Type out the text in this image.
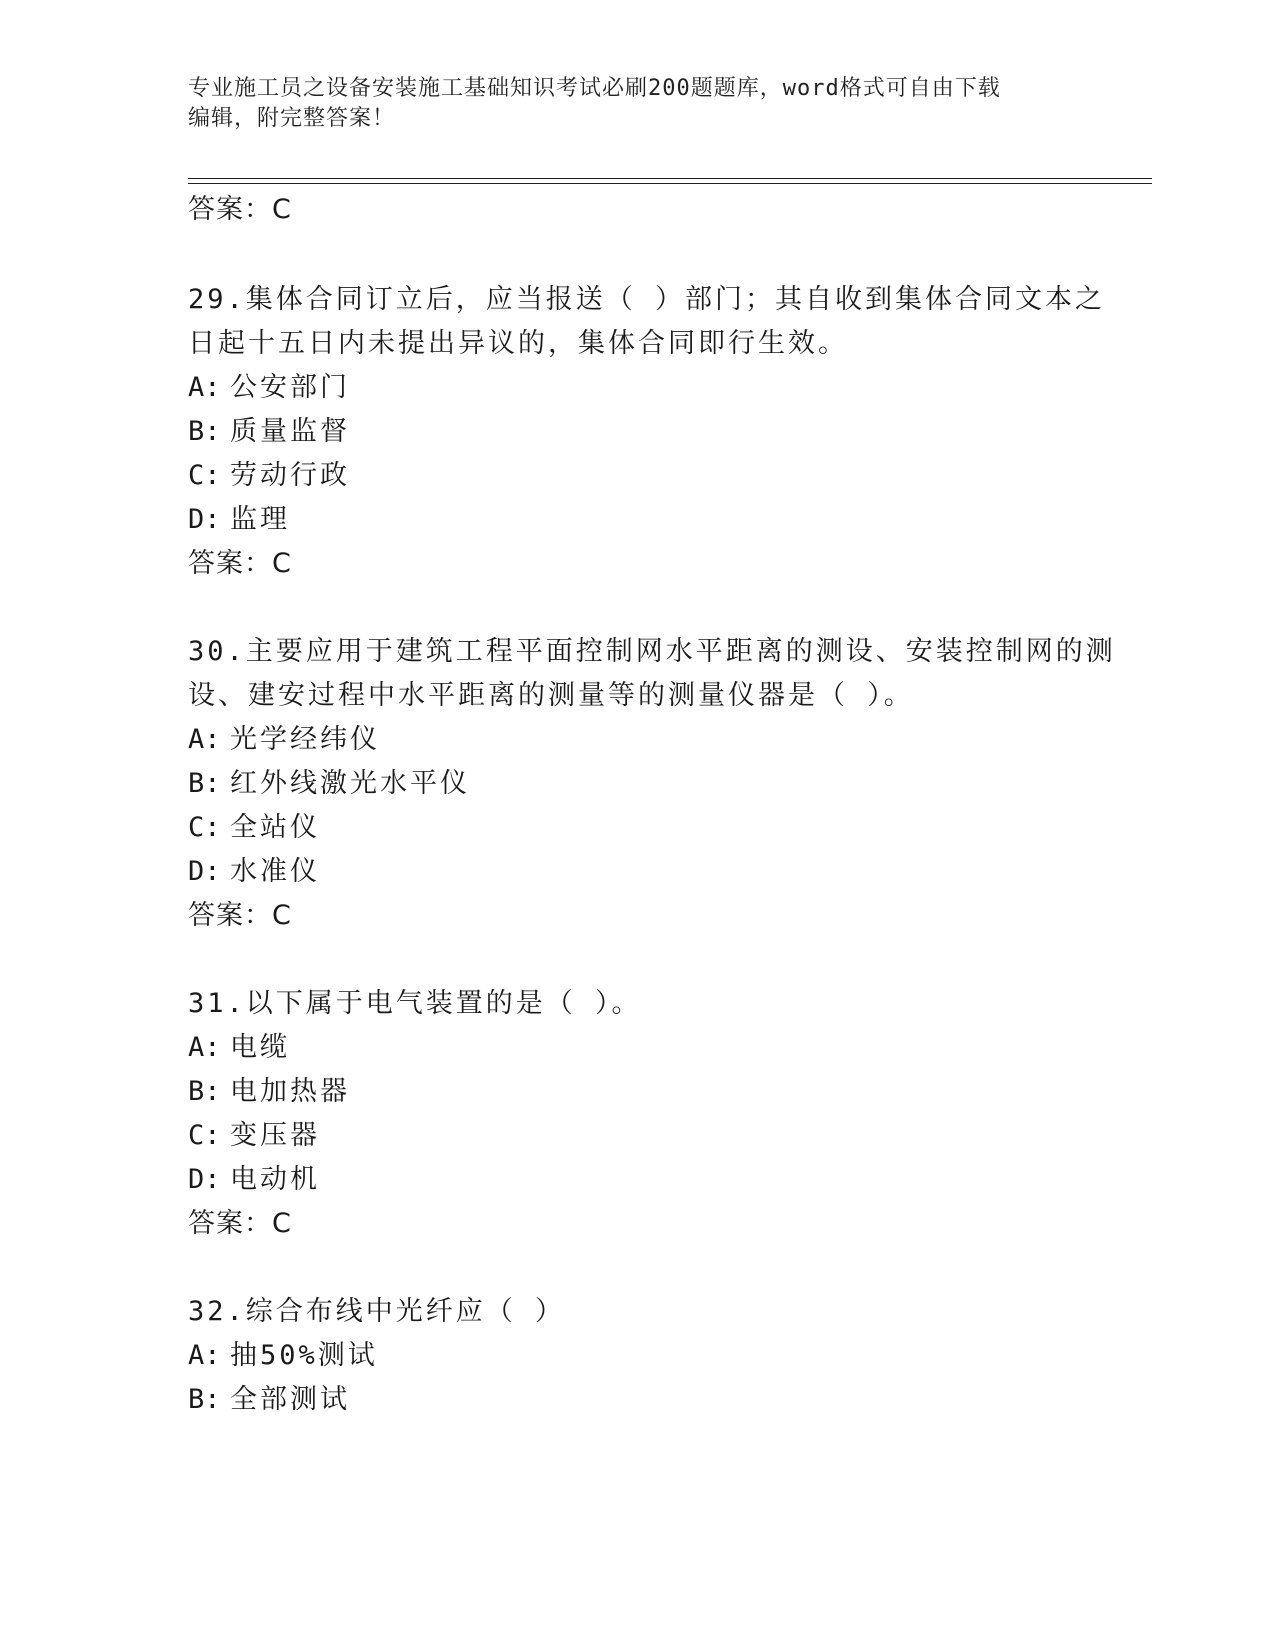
专业施工员之设备安装施工基础知识考试必刷200题题库，word格式可自由下载
编辑，附完整答案！
答案：C
29.集体合同订立后，应当报送（ ）部门；其自收到集体合同文本之
日起十五日内未提出异议的，集体合同即行生效。
A: 公安部门
B: 质量监督
C: 劳动行政
D: 监理
答案：C
30.主要应用于建筑工程平面控制网水平距离的测设、安装控制网的测
设、建安过程中水平距离的测量等的测量仪器是（ ）。
A: 光学经纬仪
B: 红外线激光水平仪
C: 全站仪
D: 水准仪
答案：C
31.以下属于电气装置的是（ ）。
A: 电缆
B: 电加热器
C: 变压器
D: 电动机
答案：C
32.综合布线中光纤应（ ）
A: 抽50%测试
B: 全部测试
